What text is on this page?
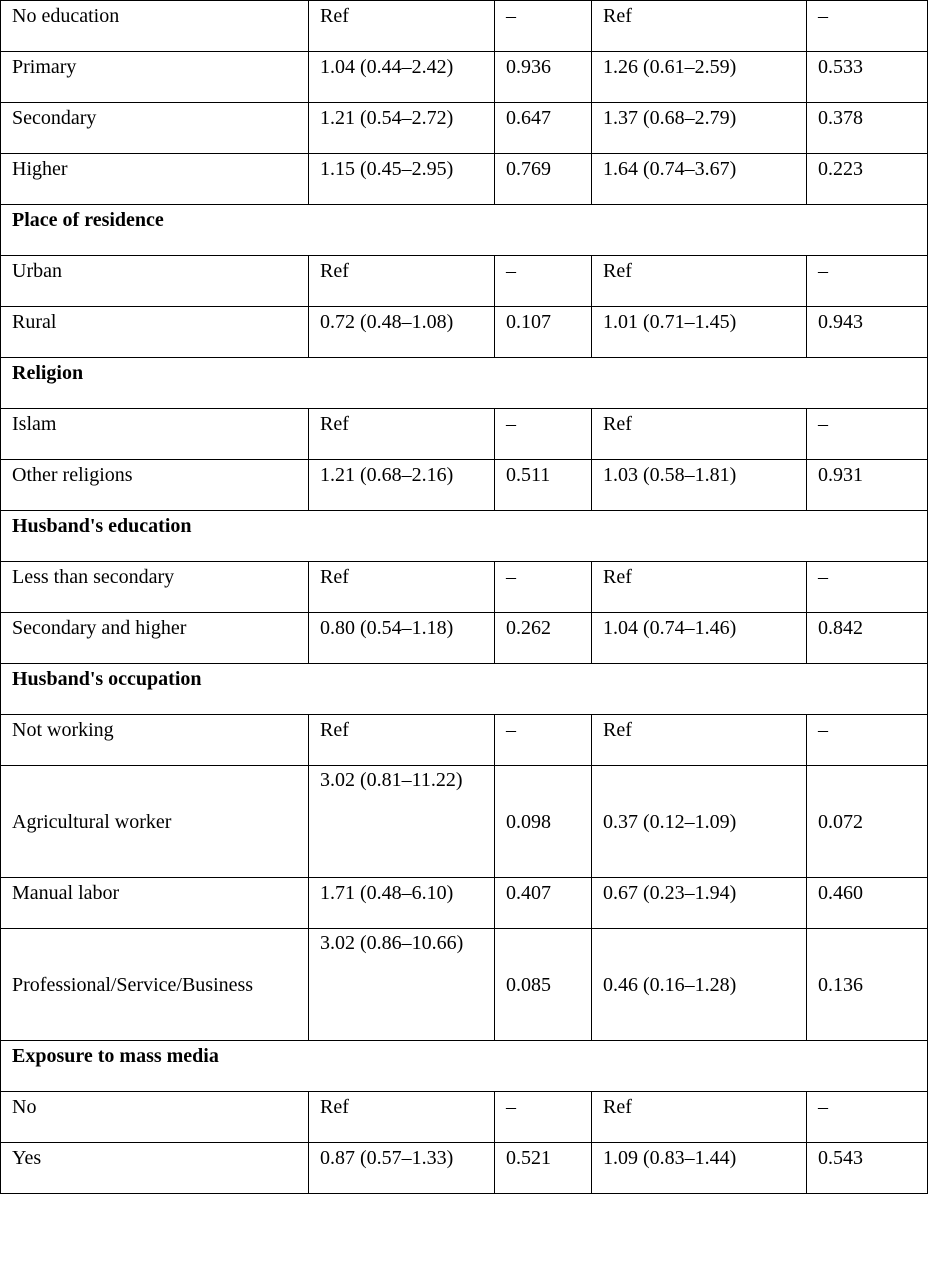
No education	Ref	–	Ref	–
Primary	1.04 (0.44–2.42)	0.936	1.26 (0.61–2.59)	0.533
Secondary	1.21 (0.54–2.72)	0.647	1.37 (0.68–2.79)	0.378
Higher	1.15 (0.45–2.95)	0.769	1.64 (0.74–3.67)	0.223
Place of residence				
Urban	Ref	–	Ref	–
Rural	0.72 (0.48–1.08)	0.107	1.01 (0.71–1.45)	0.943
Religion				
Islam	Ref	–	Ref	–
Other religions	1.21 (0.68–2.16)	0.511	1.03 (0.58–1.81)	0.931
Husband's education				
Less than secondary	Ref	–	Ref	–
Secondary and higher	0.80 (0.54–1.18)	0.262	1.04 (0.74–1.46)	0.842
Husband's occupation				
Not working	Ref	–	Ref	–
Agricultural worker	3.02 (0.81–11.22)	0.098	0.37 (0.12–1.09)	0.072
Manual labor	1.71 (0.48–6.10)	0.407	0.67 (0.23–1.94)	0.460
Professional/Service/Business	3.02 (0.86–10.66)	0.085	0.46 (0.16–1.28)	0.136
Exposure to mass media				
No	Ref	–	Ref	–
Yes	0.87 (0.57–1.33)	0.521	1.09 (0.83–1.44)	0.543
